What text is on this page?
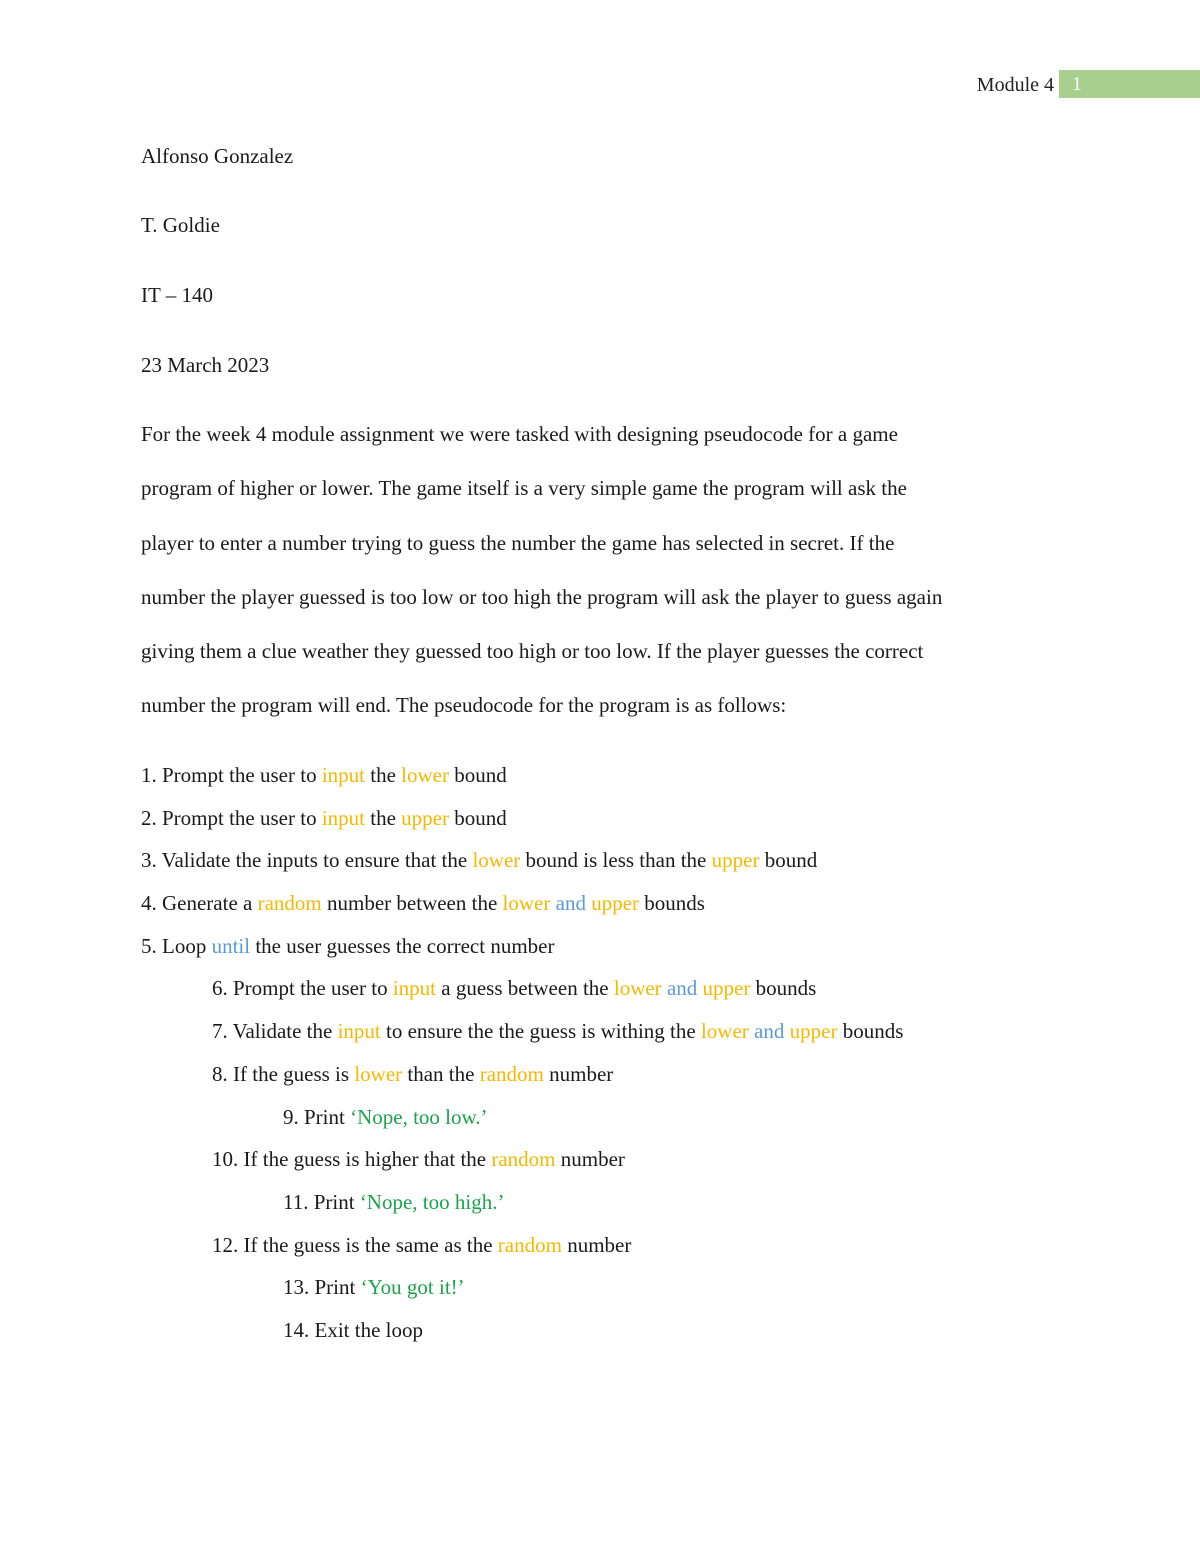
Module 4 1
Alfonso Gonzalez
T. Goldie
IT – 140
23 March 2023
For the week 4 module assignment we were tasked with designing pseudocode for a game
program of higher or lower. The game itself is a very simple game the program will ask the
player to enter a number trying to guess the number the game has selected in secret. If the
number the player guessed is too low or too high the program will ask the player to guess again
giving them a clue weather they guessed too high or too low. If the player guesses the correct
number the program will end. The pseudocode for the program is as follows:
1. Prompt the user to input the lower bound
2. Prompt the user to input the upper bound
3. Validate the inputs to ensure that the lower bound is less than the upper bound
4. Generate a random number between the lower and upper bounds
5. Loop until the user guesses the correct number
6. Prompt the user to input a guess between the lower and upper bounds
7. Validate the input to ensure the the guess is withing the lower and upper bounds
8. If the guess is lower than the random number
9. Print ‘Nope, too low.’
10. If the guess is higher that the random number
11. Print ‘Nope, too high.’
12. If the guess is the same as the random number
13. Print ‘You got it!’
14. Exit the loop
